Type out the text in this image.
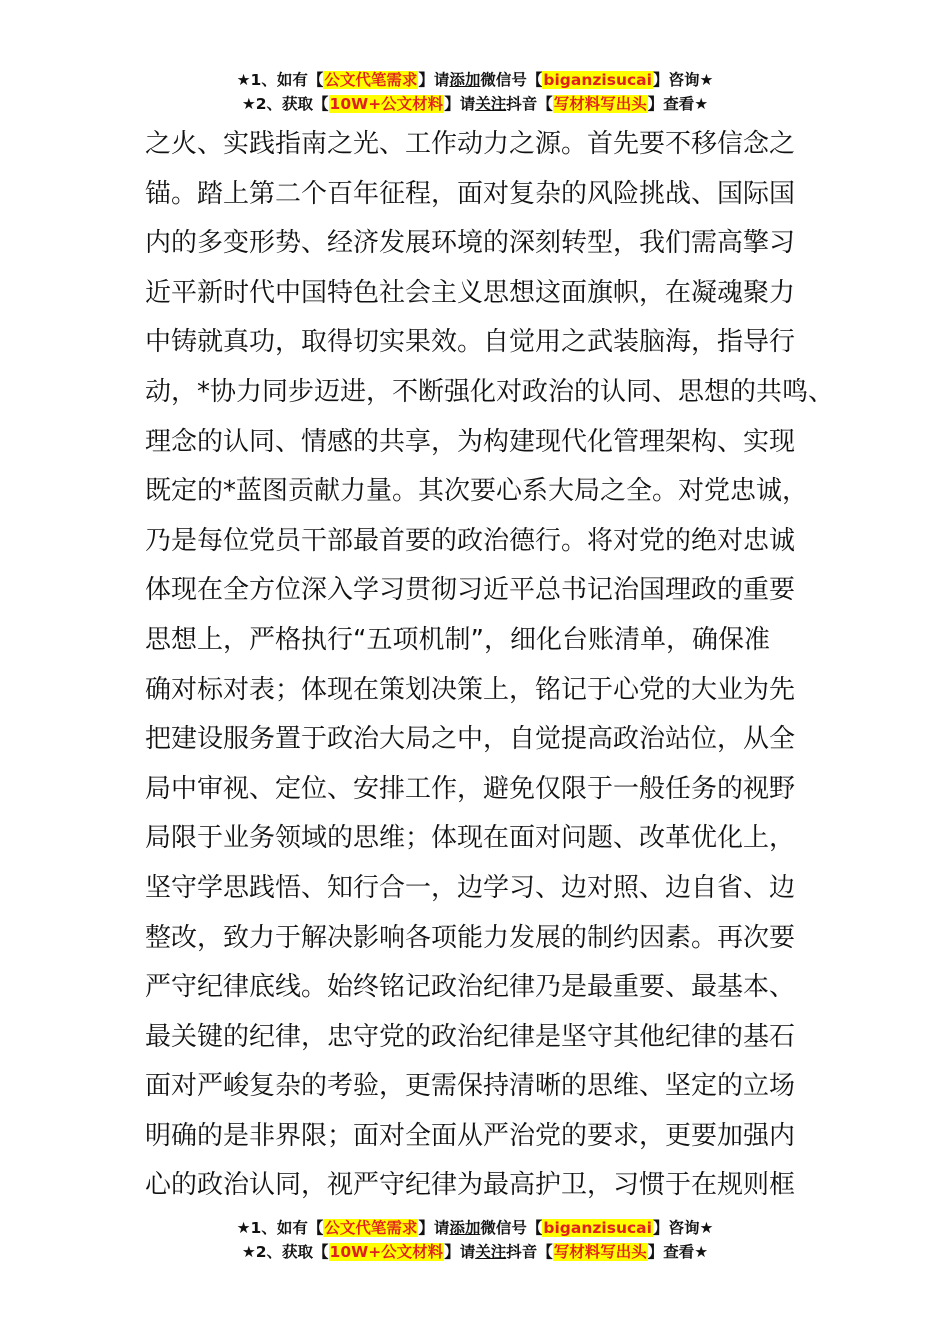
★1、如有【公文代笔需求】请添加微信号【biganzisucai】咨询★
★2、获取【10W+公文材料】请关注抖音【写材料写出头】查看★
之火、实践指南之光、工作动力之源。首先要不移信念之
锚。踏上第二个百年征程，面对复杂的风险挑战、国际国
内的多变形势、经济发展环境的深刻转型，我们需高擎习
近平新时代中国特色社会主义思想这面旗帜，在凝魂聚力
中铸就真功，取得切实果效。自觉用之武装脑海，指导行
动，*协力同步迈进，不断强化对政治的认同、思想的共鸣、
理念的认同、情感的共享，为构建现代化管理架构、实现
既定的*蓝图贡献力量。其次要心系大局之全。对党忠诚，
乃是每位党员干部最首要的政治德行。将对党的绝对忠诚
体现在全方位深入学习贯彻习近平总书记治国理政的重要
思想上，严格执行“五项机制”，细化台账清单，确保准
确对标对表；体现在策划决策上，铭记于心党的大业为先
把建设服务置于政治大局之中，自觉提高政治站位，从全
局中审视、定位、安排工作，避免仅限于一般任务的视野
局限于业务领域的思维；体现在面对问题、改革优化上，
坚守学思践悟、知行合一，边学习、边对照、边自省、边
整改，致力于解决影响各项能力发展的制约因素。再次要
严守纪律底线。始终铭记政治纪律乃是最重要、最基本、
最关键的纪律，忠守党的政治纪律是坚守其他纪律的基石
面对严峻复杂的考验，更需保持清晰的思维、坚定的立场
明确的是非界限；面对全面从严治党的要求，更要加强内
心的政治认同，视严守纪律为最高护卫，习惯于在规则框
★1、如有【公文代笔需求】请添加微信号【biganzisucai】咨询★
★2、获取【10W+公文材料】请关注抖音【写材料写出头】查看★
